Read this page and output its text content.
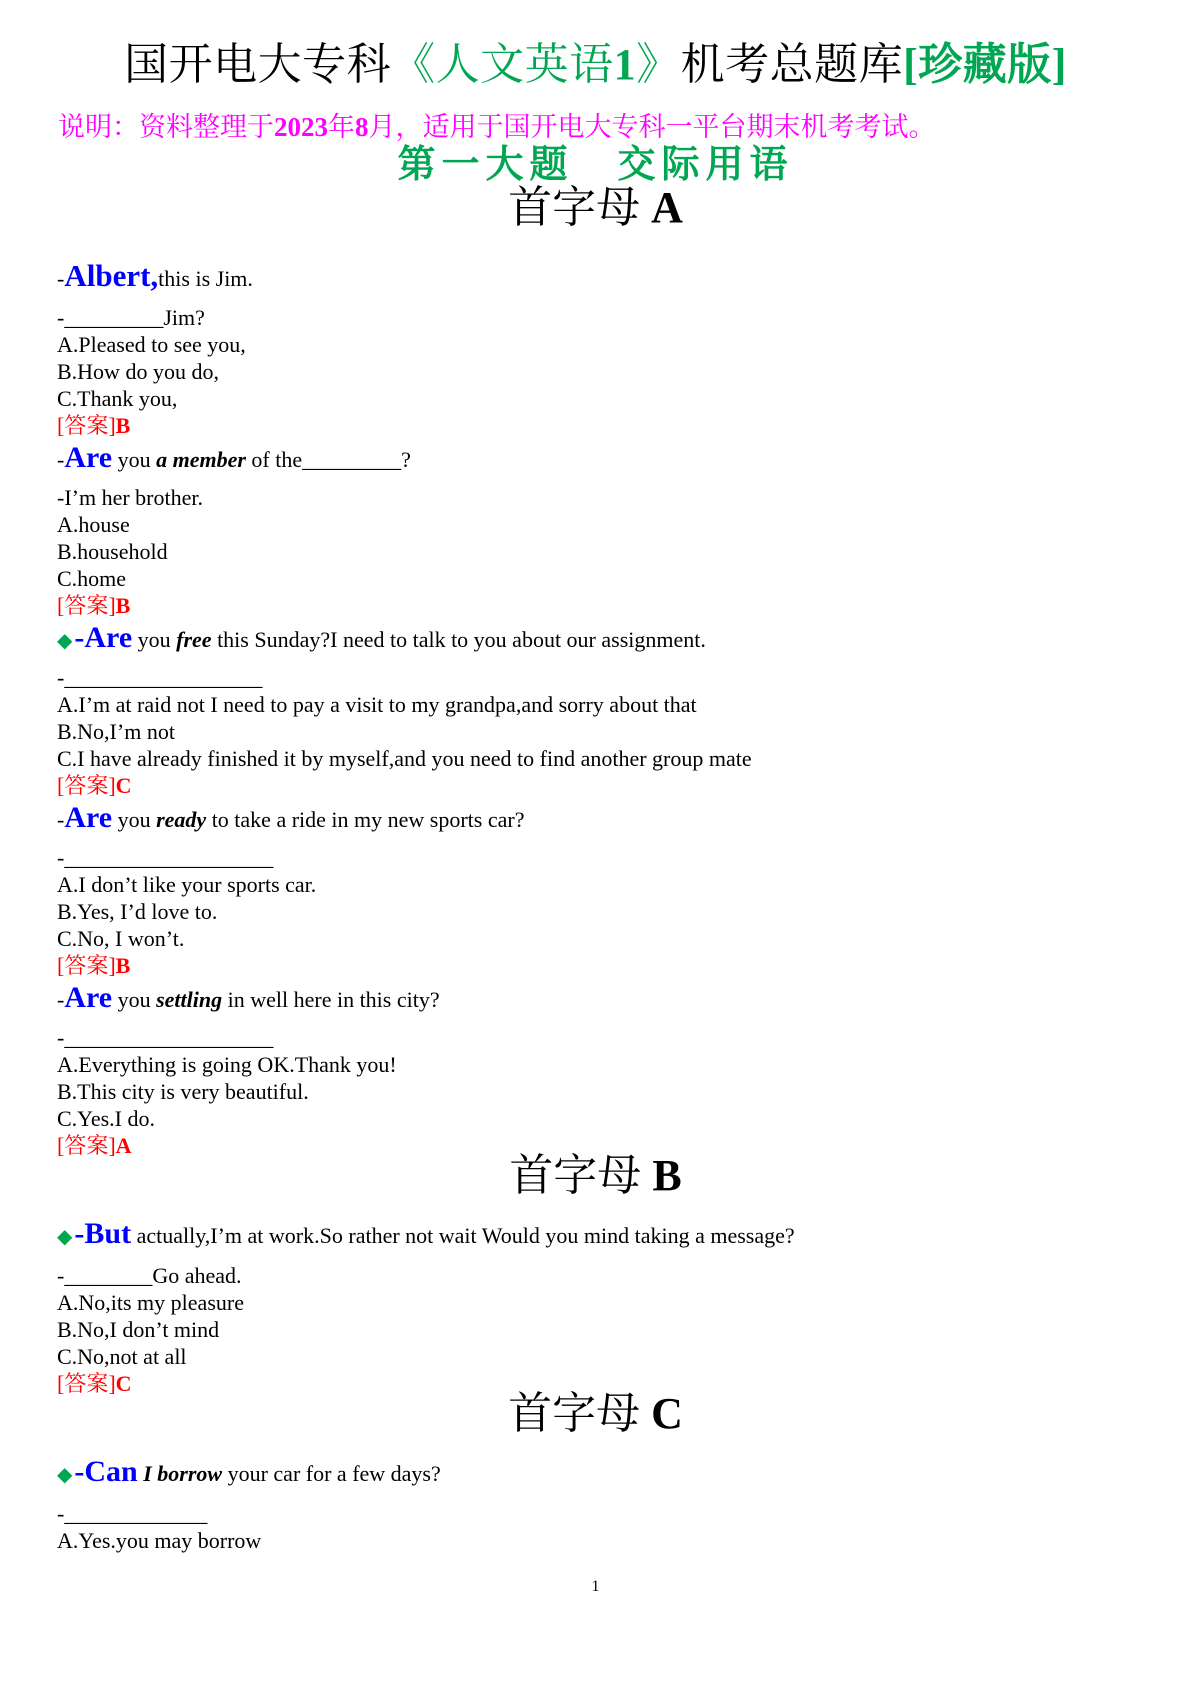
国开电大专科《人文英语1》机考总题库[珍藏版]
说明：资料整理于2023年8月，适用于国开电大专科一平台期末机考考试。
第一大题 交际用语
首字母 A
-Albert,this is Jim.
-_________Jim?
A.Pleased to see you,
B.How do you do,
C.Thank you,
[答案]B
-Are you a member of the_________?
-I’m her brother.
A.house
B.household
C.home
[答案]B
◆-Are you free this Sunday?I need to talk to you about our assignment.
-__________________
A.I’m at raid not I need to pay a visit to my grandpa,and sorry about that
B.No,I’m not
C.I have already finished it by myself,and you need to find another group mate
[答案]C
-Are you ready to take a ride in my new sports car?
-___________________
A.I don’t like your sports car.
B.Yes, I’d love to.
C.No, I won’t.
[答案]B
-Are you settling in well here in this city?
-___________________
A.Everything is going OK.Thank you!
B.This city is very beautiful.
C.Yes.I do.
[答案]A
首字母 B
◆-But actually,I’m at work.So rather not wait Would you mind taking a message?
-________Go ahead.
A.No,its my pleasure
B.No,I don’t mind
C.No,not at all
[答案]C
首字母 C
◆-Can I borrow your car for a few days?
-_____________
A.Yes.you may borrow
1
